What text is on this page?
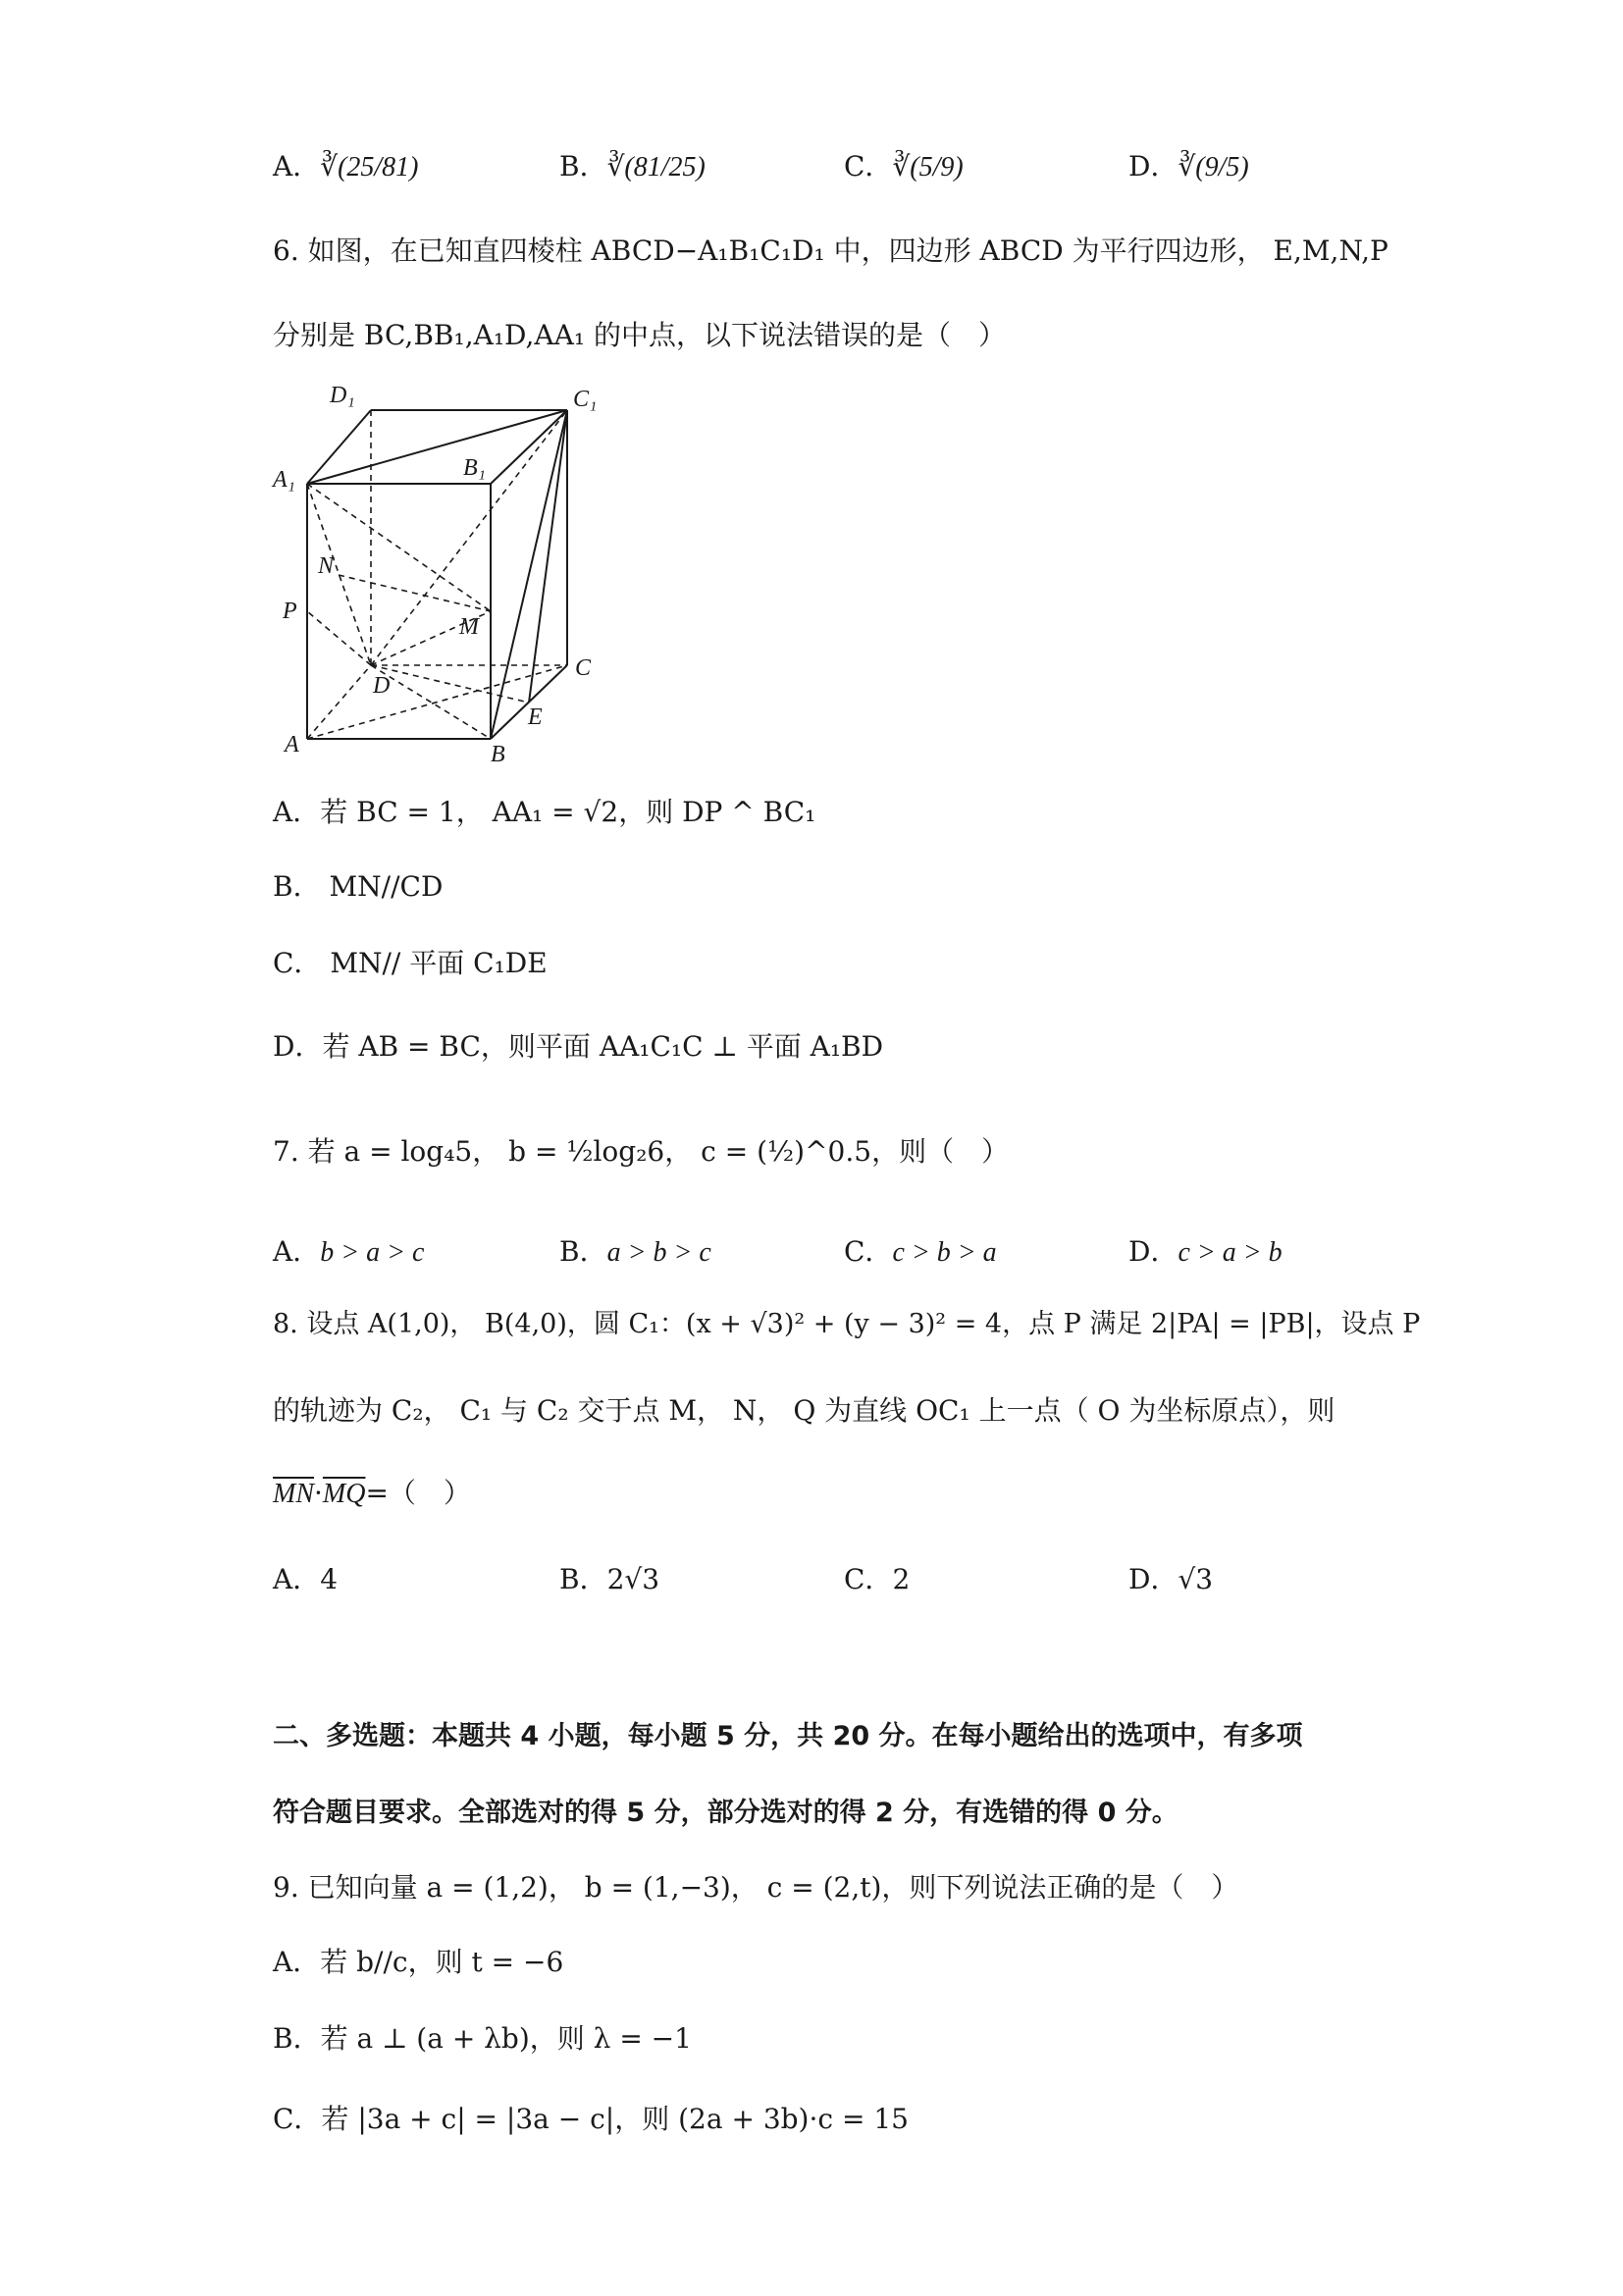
A．∛(25/81)	B．∛(81/25)	C．∛(5/9)	D．∛(9/5)
6. 如图，在已知直四棱柱 ABCD−A₁B₁C₁D₁ 中，四边形 ABCD 为平行四边形， E,M,N,P
分别是 BC,BB₁,A₁D,AA₁ 的中点，以下说法错误的是（　）
D₁	C₁
A₁	B₁
N
P
M
D
C
E
A	B
A．若 BC = 1， AA₁ = √2，则 DP ^ BC₁
B． MN//CD
C． MN// 平面 C₁DE
D．若 AB = BC，则平面 AA₁C₁C ⊥ 平面 A₁BD
7. 若 a = log₄5， b = ½log₂6， c = (½)^0.5，则（　）
A．b > a > c	B．a > b > c	C．c > b > a	D．c > a > b
8. 设点 A(1,0)， B(4,0)，圆 C₁：(x + √3)² + (y − 3)² = 4，点 P 满足 2|PA| = |PB|，设点 P
的轨迹为 C₂， C₁ 与 C₂ 交于点 M， N， Q 为直线 OC₁ 上一点（ O 为坐标原点），则
$\overline{MN}\cdot\overline{MQ}=$（　）
A．4	B．2√3	C．2	D．√3
二、多选题：本题共 4 小题，每小题 5 分，共 20 分。在每小题给出的选项中，有多项
符合题目要求。全部选对的得 5 分，部分选对的得 2 分，有选错的得 0 分。
9. 已知向量 a = (1,2)， b = (1,−3)， c = (2,t)，则下列说法正确的是（　）
A．若 b//c，则 t = −6
B．若 a ⊥ (a + λb)，则 λ = −1
C．若 |3a + c| = |3a − c|，则 (2a + 3b)·c = 15
